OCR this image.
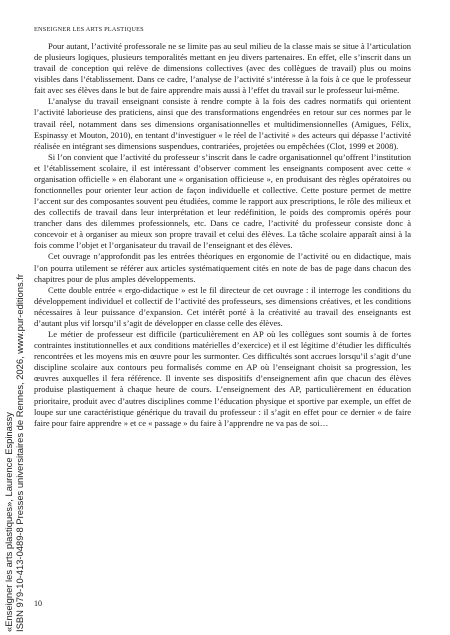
ENSEIGNER LES ARTS PLASTIQUES

Pour autant, l’activité professorale ne se limite pas au seul milieu de la classe mais se situe à l’articulation de plusieurs logiques, plusieurs temporalités mettant en jeu divers partenaires. En effet, elle s’inscrit dans un travail de conception qui relève de dimensions collectives (avec des collègues de travail) plus ou moins visibles dans l’établissement. Dans ce cadre, l’analyse de l’activité s’intéresse à la fois à ce que le professeur fait avec ses élèves dans le but de faire apprendre mais aussi à l’effet du travail sur le professeur lui-même.

L’analyse du travail enseignant consiste à rendre compte à la fois des cadres normatifs qui orientent l’activité laborieuse des praticiens, ainsi que des transformations engendrées en retour sur ces normes par le travail réel, notamment dans ses dimensions organisationnelles et multidimensionnelles (Amigues, Félix, Espinassy et Mouton, 2010), en tentant d’investiguer « le réel de l’activité » des acteurs qui dépasse l’activité réalisée en intégrant ses dimensions suspendues, contrariées, projetées ou empêchées (Clot, 1999 et 2008).

Si l’on convient que l’activité du professeur s’inscrit dans le cadre organisationnel qu’offrent l’institution et l’établissement scolaire, il est intéressant d’observer comment les enseignants composent avec cette « organisation officielle » en élaborant une « organisation officieuse », en produisant des règles opératoires ou fonctionnelles pour orienter leur action de façon individuelle et collective. Cette posture permet de mettre l’accent sur des composantes souvent peu étudiées, comme le rapport aux prescriptions, le rôle des milieux et des collectifs de travail dans leur interprétation et leur redéfinition, le poids des compromis opérés pour trancher dans des dilemmes professionnels, etc. Dans ce cadre, l’activité du professeur consiste donc à concevoir et à organiser au mieux son propre travail et celui des élèves. La tâche scolaire apparaît ainsi à la fois comme l’objet et l’organisateur du travail de l’enseignant et des élèves.

Cet ouvrage n’approfondit pas les entrées théoriques en ergonomie de l’activité ou en didactique, mais l’on pourra utilement se référer aux articles systématiquement cités en note de bas de page dans chacun des chapitres pour de plus amples développements.

Cette double entrée « ergo-didactique » est le fil directeur de cet ouvrage : il interroge les conditions du développement individuel et collectif de l’activité des professeurs, ses dimensions créatives, et les conditions nécessaires à leur puissance d’expansion. Cet intérêt porté à la créativité au travail des enseignants est d’autant plus vif lorsqu’il s’agit de développer en classe celle des élèves.

Le métier de professeur est difficile (particulièrement en AP où les collègues sont soumis à de fortes contraintes institutionnelles et aux conditions matérielles d’exercice) et il est légitime d’étudier les difficultés rencontrées et les moyens mis en œuvre pour les surmonter. Ces difficultés sont accrues lorsqu’il s’agit d’une discipline scolaire aux contours peu formalisés comme en AP où l’enseignant choisit sa progression, les œuvres auxquelles il fera référence. Il invente ses dispositifs d’enseignement afin que chacun des élèves produise plastiquement à chaque heure de cours. L’enseignement des AP, particulièrement en éducation prioritaire, produit avec d’autres disciplines comme l’éducation physique et sportive par exemple, un effet de loupe sur une caractéristique générique du travail du professeur : il s’agit en effet pour ce dernier « de faire faire pour faire apprendre » et ce « passage » du faire à l’apprendre ne va pas de soi…

«Enseigner les arts plastiques», Laurence Espinassy ISBN 979-10-413-0489-8 Presses universitaires de Rennes, 2026, www.pur-editions.fr 10
